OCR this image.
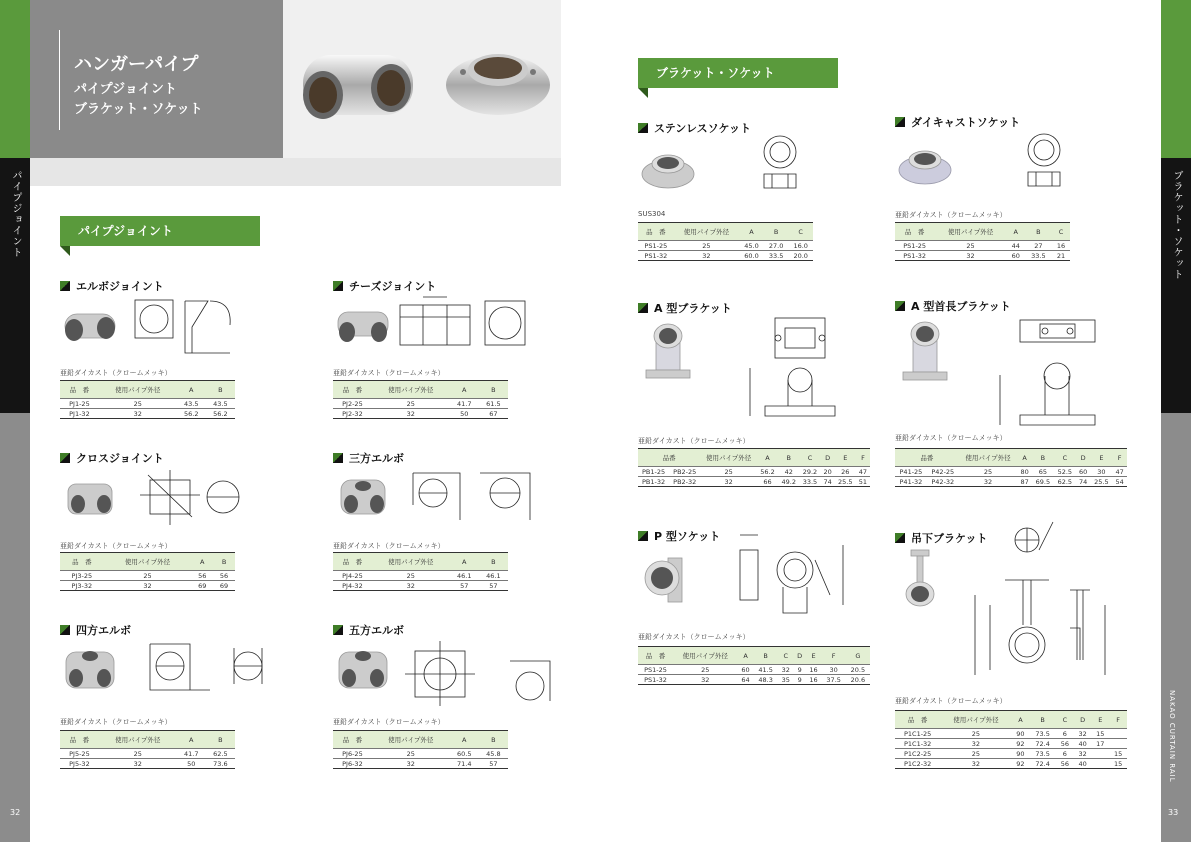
パイプジョイント
32
ブラケット・ソケット
NAKAO CURTAIN RAIL
33
ハンガーパイプ
パイプジョイント
ブラケット・ソケット
パイプジョイント
ブラケット・ソケット
エルボジョイント
亜鉛ダイカスト（クロームメッキ）
品　番	使用パイプ外径	A	B
PJ1-25	25	43.5	43.5
PJ1-32	32	56.2	56.2
チーズジョイント
亜鉛ダイカスト（クロームメッキ）
品　番	使用パイプ外径	A	B
PJ2-25	25	41.7	61.5
PJ2-32	32	50	67
クロスジョイント
亜鉛ダイカスト（クロームメッキ）
品　番	使用パイプ外径	A	B
PJ3-25	25	56	56
PJ3-32	32	69	69
三方エルボ
亜鉛ダイカスト（クロームメッキ）
品　番	使用パイプ外径	A	B
PJ4-25	25	46.1	46.1
PJ4-32	32	57	57
四方エルボ
亜鉛ダイカスト（クロームメッキ）
品　番	使用パイプ外径	A	B
PJ5-25	25	41.7	62.5
PJ5-32	32	50	73.6
五方エルボ
亜鉛ダイカスト（クロームメッキ）
品　番	使用パイプ外径	A	B
PJ6-25	25	60.5	45.8
PJ6-32	32	71.4	57
ステンレスソケット
SUS304
品　番	使用パイプ外径	A	B	C
PS1-25	25	45.0	27.0	16.0
PS1-32	32	60.0	33.5	20.0
ダイキャストソケット
亜鉛ダイカスト（クロームメッキ）
品　番	使用パイプ外径	A	B	C
PS1-25	25	44	27	16
PS1-32	32	60	33.5	21
A 型ブラケット
亜鉛ダイカスト（クロームメッキ）
品番		使用パイプ外径	A	B	C	D	E	F
PB1-25	PB2-25	25	56.2	42	29.2	20	26	47
PB1-32	PB2-32	32	66	49.2	33.5	74	25.5	51
A 型首長ブラケット
亜鉛ダイカスト（クロームメッキ）
品番		使用パイプ外径	A	B	C	D	E	F
P41-25	P42-25	25	80	65	52.5	60	30	47
P41-32	P42-32	32	87	69.5	62.5	74	25.5	54
P 型ソケット
亜鉛ダイカスト（クロームメッキ）
品　番	使用パイプ外径	A	B	C	D	E	F	G
PS1-25	25	60	41.5	32	9	16	30	20.5
PS1-32	32	64	48.3	35	9	16	37.5	20.6
吊下ブラケット
亜鉛ダイカスト（クロームメッキ）
品　番	使用パイプ外径	A	B	C	D	E	F
P1C1-25	25	90	73.5	6	32	15	
P1C1-32	32	92	72.4	56	40	17	
P1C2-25	25	90	73.5	6	32		15
P1C2-32	32	92	72.4	56	40		15
